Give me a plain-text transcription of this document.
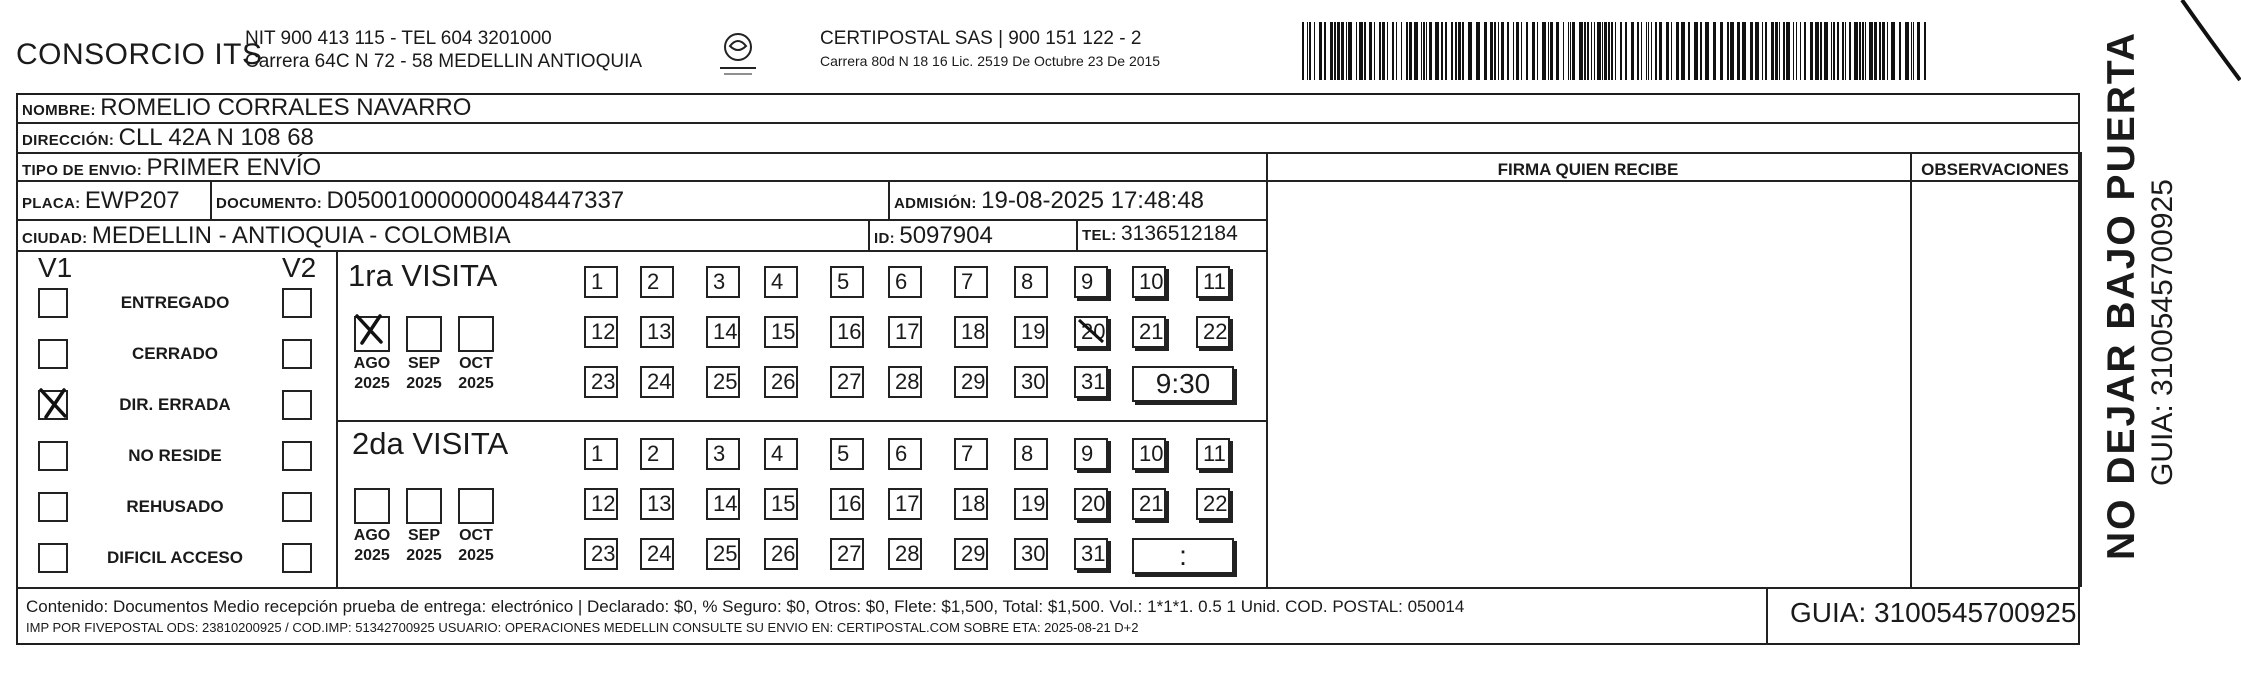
CONSORCIO ITS
NIT 900 413 115 - TEL 604 3201000
Carrera 64C N 72 - 58 MEDELLIN ANTIOQUIA
CERTIPOSTAL SAS | 900 151 122 - 2
Carrera 80d N 18 16 Lic. 2519 De Octubre 23 De 2015
NOMBRE: ROMELIO CORRALES NAVARRO
DIRECCIÓN: CLL 42A N 108 68
TIPO DE ENVIO: PRIMER ENVÍO	FIRMA QUIEN RECIBE	OBSERVACIONES
PLACA: EWP207 DOCUMENTO: D050010000000048447337	ADMISIÓN: 19-08-2025 17:48:48
CIUDAD: MEDELLIN - ANTIOQUIA - COLOMBIA	ID: 5097904	TEL: 3136512184
V1	V2
ENTREGADO
CERRADO
DIR. ERRADA
NO RESIDE
REHUSADO
DIFICIL ACCESO
1ra VISITA
2da VISITA
AGO
2025
SEP
2025
OCT
2025
1	2	3	4	5	6	7	8	9	10	11
12	13	14	15	16	17	18	19	20	21	22
23	24	25	26	27	28	29	30	31	9:30
AGO
2025
SEP
2025
OCT
2025
1	2	3	4	5	6	7	8	9	10	11
12	13	14	15	16	17	18	19	20	21	22
23	24	25	26	27	28	29	30	31	:
Contenido: Documentos Medio recepción prueba de entrega: electrónico | Declarado: $0, % Seguro: $0, Otros: $0, Flete: $1,500, Total: $1,500. Vol.: 1*1*1. 0.5 1 Unid. COD. POSTAL: 050014
IMP POR FIVEPOSTAL ODS: 23810200925 / COD.IMP: 51342700925 USUARIO: OPERACIONES MEDELLIN CONSULTE SU ENVIO EN: CERTIPOSTAL.COM SOBRE ETA: 2025-08-21 D+2	GUIA: 3100545700925
NO DEJAR BAJO PUERTA GUIA: 3100545700925
